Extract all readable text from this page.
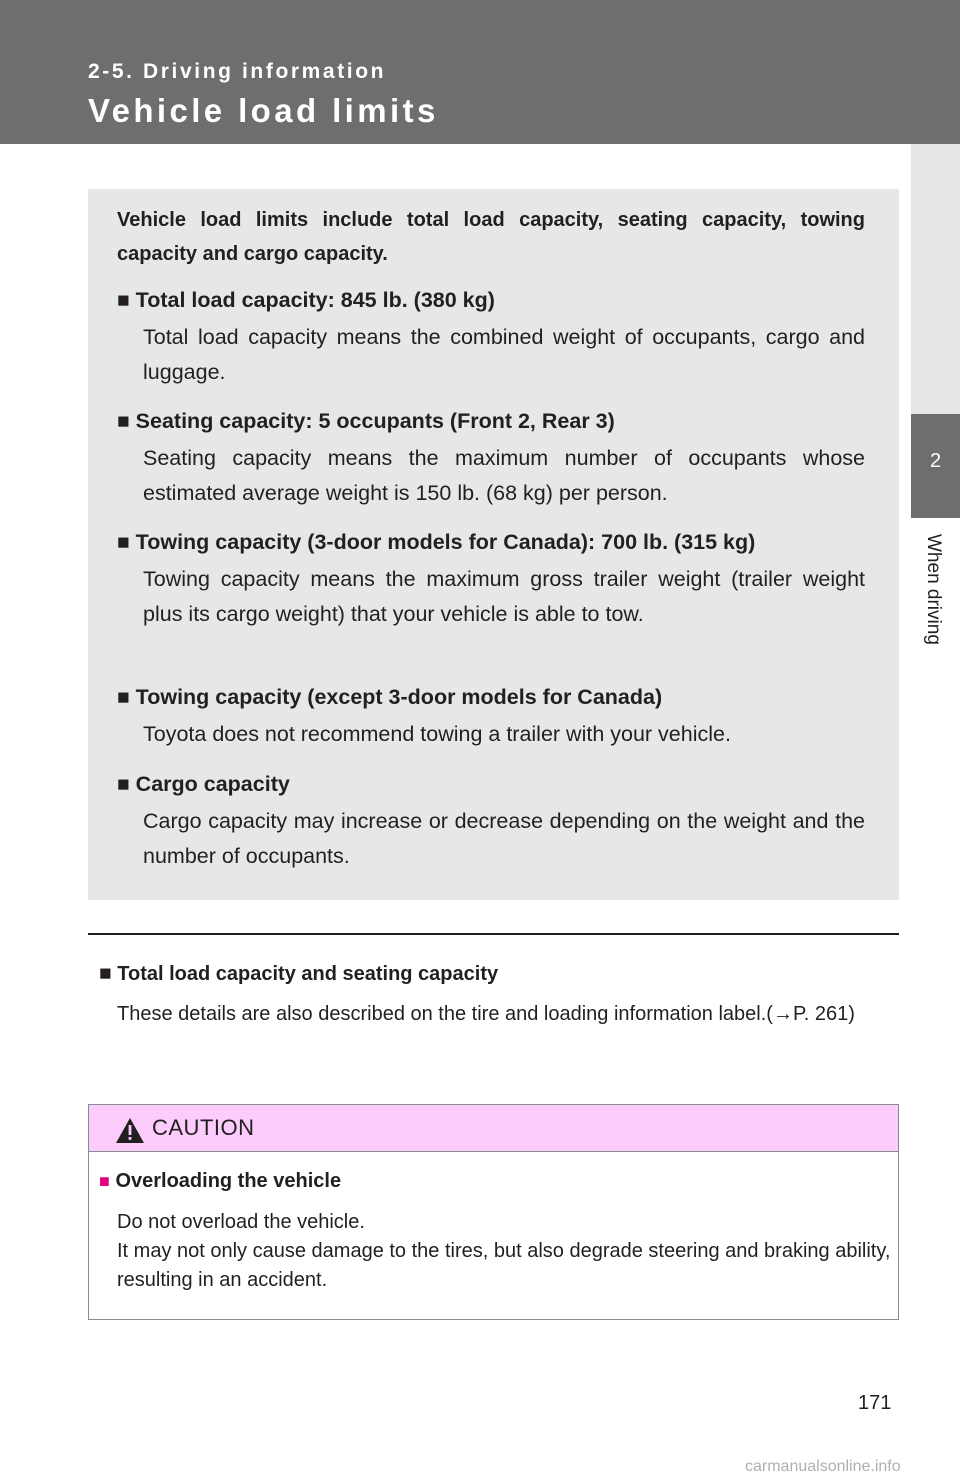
2-5. Driving information
Vehicle load limits
2
When driving

Vehicle load limits include total load capacity, seating capacity, towing capacity and cargo capacity.

■ Total load capacity: 845 lb. (380 kg)

Total load capacity means the combined weight of occupants, cargo and luggage.

■ Seating capacity: 5 occupants (Front 2, Rear 3)

Seating capacity means the maximum number of occupants whose estimated average weight is 150 lb. (68 kg) per person.

■ Towing capacity (3-door models for Canada): 700 lb. (315 kg)

Towing capacity means the maximum gross trailer weight (trailer weight plus its cargo weight) that your vehicle is able to tow.

■ Towing capacity (except 3-door models for Canada)

Toyota does not recommend towing a trailer with your vehicle.

■ Cargo capacity

Cargo capacity may increase or decrease depending on the weight and the number of occupants.

■ Total load capacity and seating capacity

These details are also described on the tire and loading information label.(→P. 261)

CAUTION

■ Overloading the vehicle

Do not overload the vehicle.
It may not only cause damage to the tires, but also degrade steering and braking ability, resulting in an accident.

171
carmanualsonline.info
